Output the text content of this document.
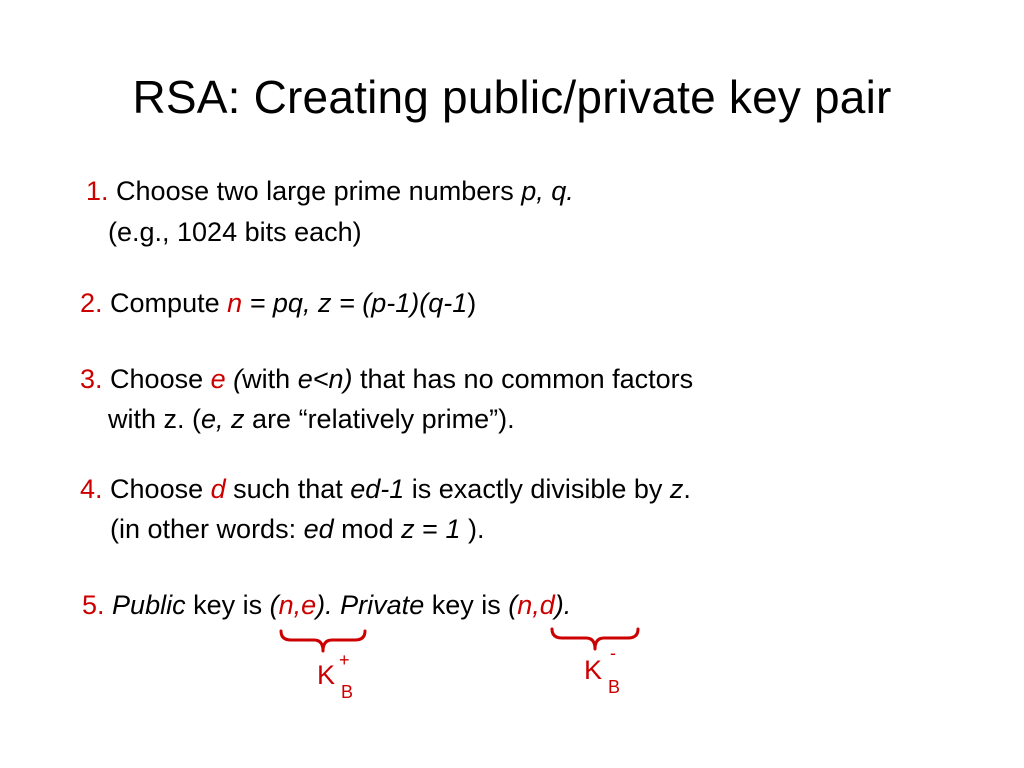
RSA: Creating public/private key pair
1. Choose two large prime numbers p, q.
(e.g., 1024 bits each)
2. Compute n = pq, z = (p-1)(q-1)
3. Choose e (with e<n) that has no common factors
with z. (e, z are “relatively prime”).
4. Choose d such that ed-1 is exactly divisible by z.
(in other words: ed mod z = 1 ).
5. Public key is (n,e). Private key is (n,d).
K +
B
K
-
B
